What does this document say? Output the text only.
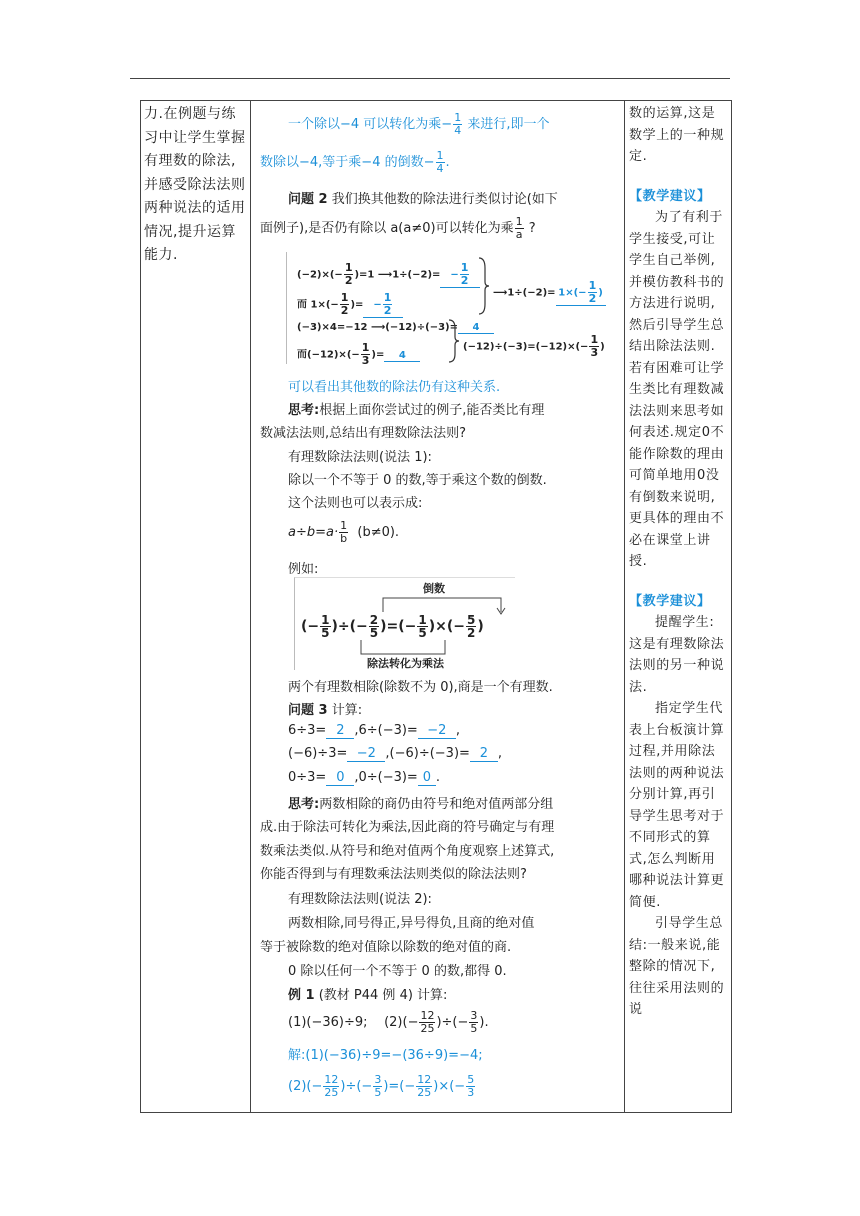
力.在例题与练习中让学生掌握有理数的除法,并感受除法法则两种说法的适用情况,提升运算能力.
数的运算,这是数学上的一种规定.
【教学建议】
为了有利于学生接受,可让学生自己举例,并模仿教科书的方法进行说明,然后引导学生总结出除法法则.若有困难可让学生类比有理数减法法则来思考如何表述.规定0不能作除数的理由可简单地用0没有倒数来说明,更具体的理由不必在课堂上讲授.
【教学建议】
提醒学生:这是有理数除法法则的另一种说法.
指定学生代表上台板演计算过程,并用除法法则的两种说法分别计算,再引导学生思考对于不同形式的算式,怎么判断用哪种说法计算更简便.
引导学生总结:一般来说,能整除的情况下,往往采用法则的说
一个除以−4 可以转化为乘− $\frac{1}{4}$ 来进行,即一个
数除以−4,等于乘−4 的倒数− $\frac{1}{4}$ .
问题 2 我们换其他数的除法进行类似讨论(如下
面例子),是否仍有除以 a(a≠0)可以转化为乘 $\frac{1}{a}$ ?
可以看出其他数的除法仍有这种关系.
思考:根据上面你尝试过的例子,能否类比有理
数减法法则,总结出有理数除法法则?
有理数除法法则(说法 1):
除以一个不等于 0 的数,等于乘这个数的倒数.
这个法则也可以表示成:
$a\div b=a\cdot \frac{1}{b} (b\ne 0)$.
例如:
两个有理数相除(除数不为 0),商是一个有理数.
问题 3 计算:
6÷3= 2 ,6÷(−3)= −2 ,
(−6)÷3= −2 ,(−6)÷(−3)= 2 ,
0÷3= 0 ,0÷(−3)= 0 .
思考:两数相除的商仍由符号和绝对值两部分组
成.由于除法可转化为乘法,因此商的符号确定与有理
数乘法类似.从符号和绝对值两个角度观察上述算式,
你能否得到与有理数乘法法则类似的除法法则?
有理数除法法则(说法 2):
两数相除,同号得正,异号得负,且商的绝对值
等于被除数的绝对值除以除数的绝对值的商.
0 除以任何一个不等于 0 的数,都得 0.
例 1 (教材 P44 例 4) 计算:
(1)(−36)÷9; $(2)(- \frac{12}{25}$ )÷(− $\frac{3}{5}$ ).
解:(1)(−36)÷9=−(36÷9)=−4;
$(2)(- \frac{12}{25}$ )÷(− $\frac{3}{5}$ )=(− $\frac{12}{25}$ )×(− $\frac{5}{3}$
$(-2)\times(- \frac{1}{2} )=1$ ⟶1÷(−2)= − $\frac{1}{2}$
而 $1\times(- \frac{1}{2}$ )= − $\frac{1}{2}$
(−3)×4=−12 ⟶(−12)÷(−3)= 4
而$(-12)\times(- \frac{1}{3}$ )= 4
⟶1÷(−2)= $1\times(- \frac{1}{2}$ )
$(-12)\div(-3)=(-12)\times(- \frac{1}{3}$ )
倒数
(− $\frac{1}{5}$ )÷(− $\frac{2}{5}$ )=(− $\frac{1}{5}$ )×(− $\frac{5}{2}$ )
除法转化为乘法
